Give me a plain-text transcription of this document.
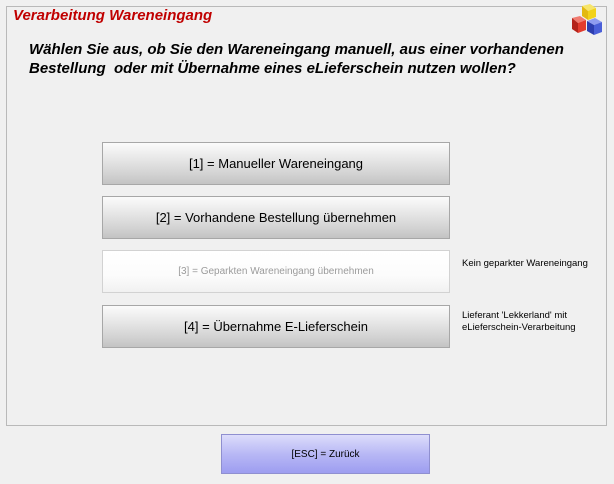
Verarbeitung Wareneingang
Wählen Sie aus, ob Sie den Wareneingang manuell, aus einer vorhandenen
Bestellung  oder mit Übernahme eines eLieferschein nutzen wollen?
[1] = Manueller Wareneingang
[2] = Vorhandene Bestellung übernehmen
[3] = Geparkten Wareneingang übernehmen
[4] = Übernahme E-Lieferschein
Kein geparkter Wareneingang
Lieferant 'Lekkerland' mit
eLieferschein-Verarbeitung
[ESC] = Zurück
